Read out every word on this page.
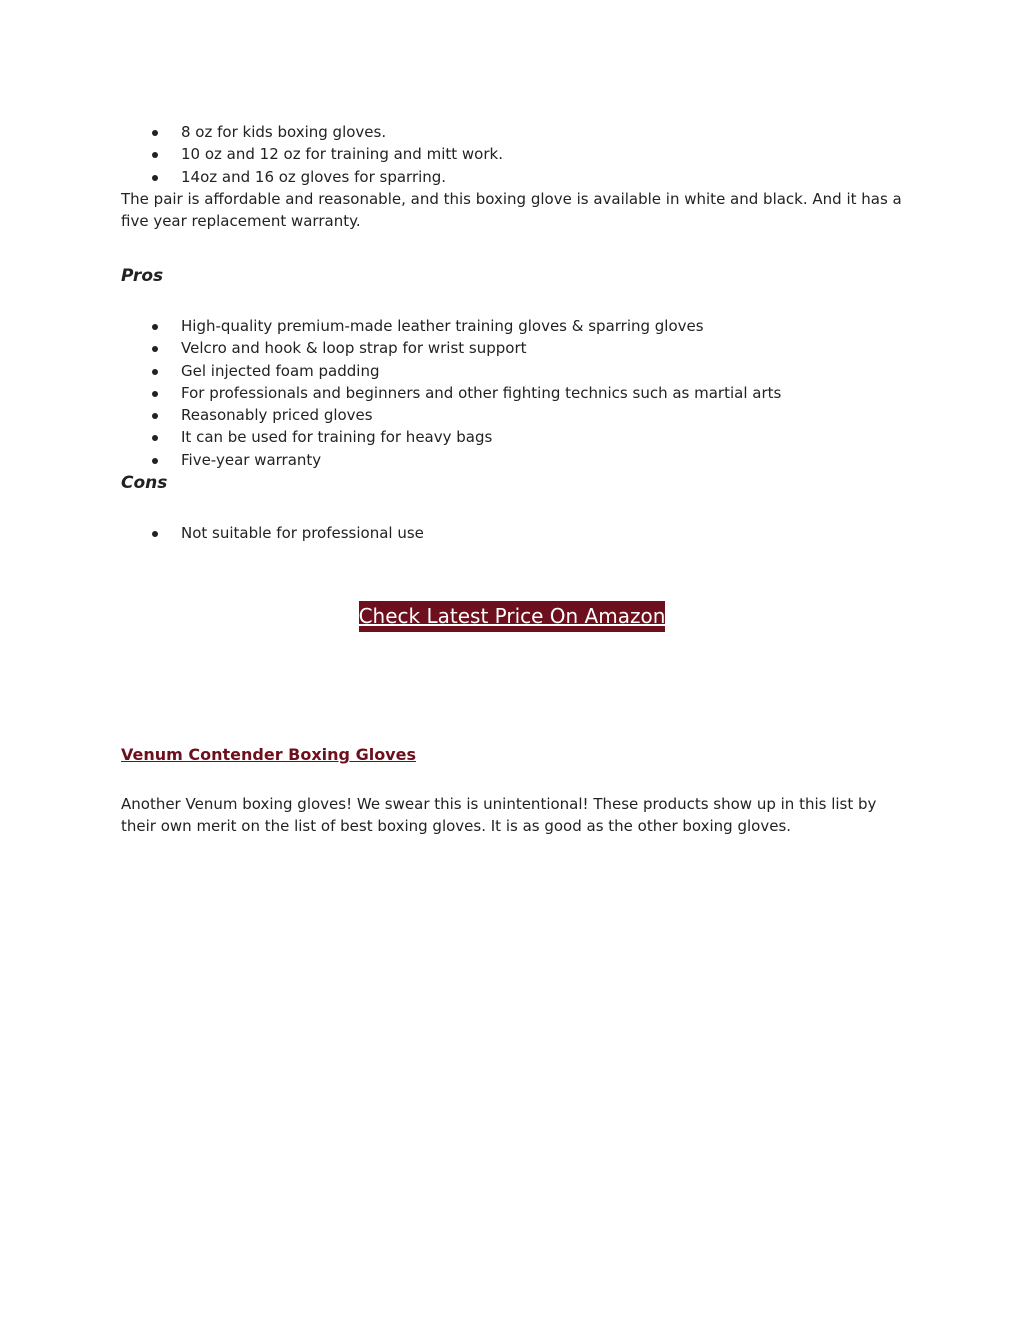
8 oz for kids boxing gloves.
10 oz and 12 oz for training and mitt work.
14oz and 16 oz gloves for sparring.

The pair is affordable and reasonable, and this boxing glove is available in white and black. And it has a five year replacement warranty.

Pros
High-quality premium-made leather training gloves & sparring gloves
Velcro and hook & loop strap for wrist support
Gel injected foam padding
For professionals and beginners and other fighting technics such as martial arts
Reasonably priced gloves
It can be used for training for heavy bags
Five-year warranty
Cons
Not suitable for professional use
Check Latest Price On Amazon
Venum Contender Boxing Gloves

Another Venum boxing gloves! We swear this is unintentional! These products show up in this list by their own merit on the list of best boxing gloves. It is as good as the other boxing gloves.
